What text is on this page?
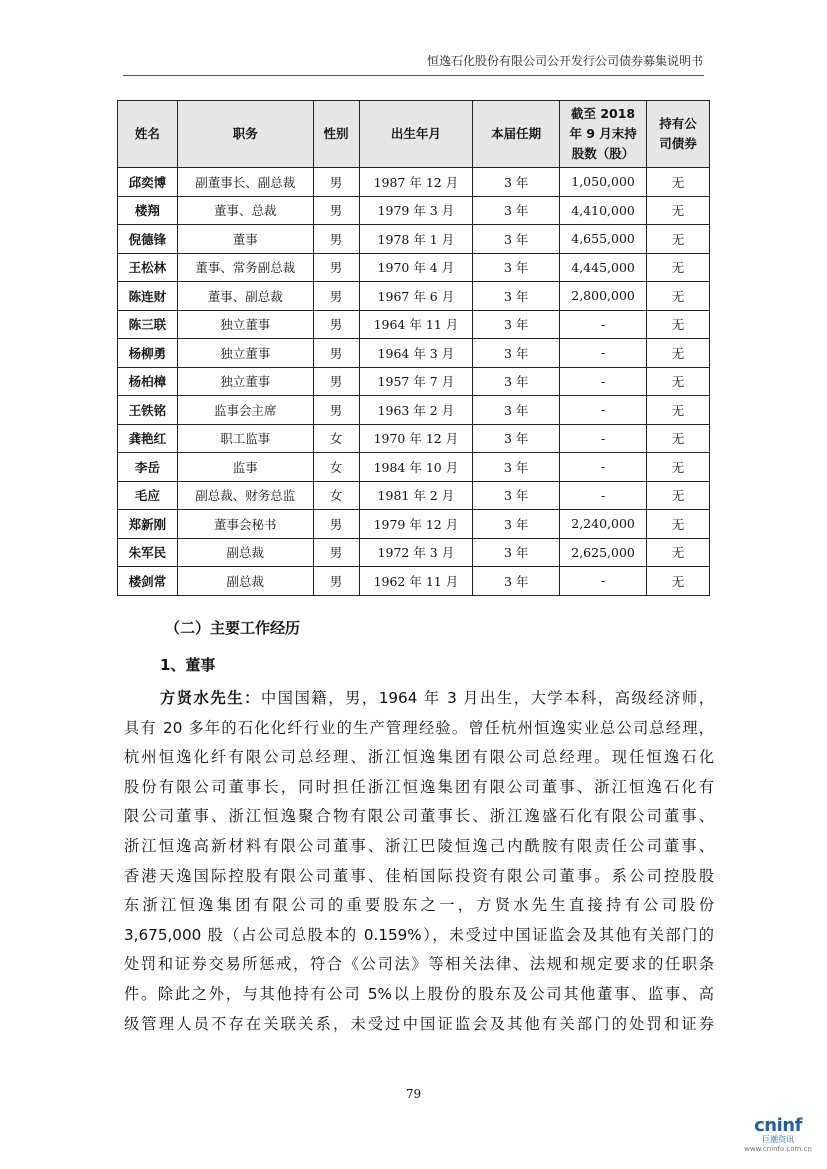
恒逸石化股份有限公司公开发行公司债券募集说明书
姓名	职务	性别	出生年月	本届任期	截至 2018 年 9 月末持股数（股）	持有公司债券
邱奕博	副董事长、副总裁	男	1987 年 12 月	3 年	1,050,000	无
楼翔	董事、总裁	男	1979 年 3 月	3 年	4,410,000	无
倪德锋	董事	男	1978 年 1 月	3 年	4,655,000	无
王松林	董事、常务副总裁	男	1970 年 4 月	3 年	4,445,000	无
陈连财	董事、副总裁	男	1967 年 6 月	3 年	2,800,000	无
陈三联	独立董事	男	1964 年 11 月	3 年	-	无
杨柳勇	独立董事	男	1964 年 3 月	3 年	-	无
杨柏樟	独立董事	男	1957 年 7 月	3 年	-	无
王铁铭	监事会主席	男	1963 年 2 月	3 年	-	无
龚艳红	职工监事	女	1970 年 12 月	3 年	-	无
李岳	监事	女	1984 年 10 月	3 年	-	无
毛应	副总裁、财务总监	女	1981 年 2 月	3 年	-	无
郑新刚	董事会秘书	男	1979 年 12 月	3 年	2,240,000	无
朱军民	副总裁	男	1972 年 3 月	3 年	2,625,000	无
楼剑常	副总裁	男	1962 年 11 月	3 年	-	无
（二）主要工作经历
1、董事
方贤水先生：中国国籍，男，1964 年 3 月出生，大学本科，高级经济师，
具有 20 多年的石化化纤行业的生产管理经验。曾任杭州恒逸实业总公司总经理，
杭州恒逸化纤有限公司总经理、浙江恒逸集团有限公司总经理。现任恒逸石化
股份有限公司董事长，同时担任浙江恒逸集团有限公司董事、浙江恒逸石化有
限公司董事、浙江恒逸聚合物有限公司董事长、浙江逸盛石化有限公司董事、
浙江恒逸高新材料有限公司董事、浙江巴陵恒逸己内酰胺有限责任公司董事、
香港天逸国际控股有限公司董事、佳栢国际投资有限公司董事。系公司控股股
东浙江恒逸集团有限公司的重要股东之一，方贤水先生直接持有公司股份
3,675,000 股（占公司总股本的 0.159%），未受过中国证监会及其他有关部门的
处罚和证券交易所惩戒，符合《公司法》等相关法律、法规和规定要求的任职条
件。除此之外，与其他持有公司 5%以上股份的股东及公司其他董事、监事、高
级管理人员不存在关联关系，未受过中国证监会及其他有关部门的处罚和证券
79
cninf
巨潮资讯
www.cninfo.com.cn
